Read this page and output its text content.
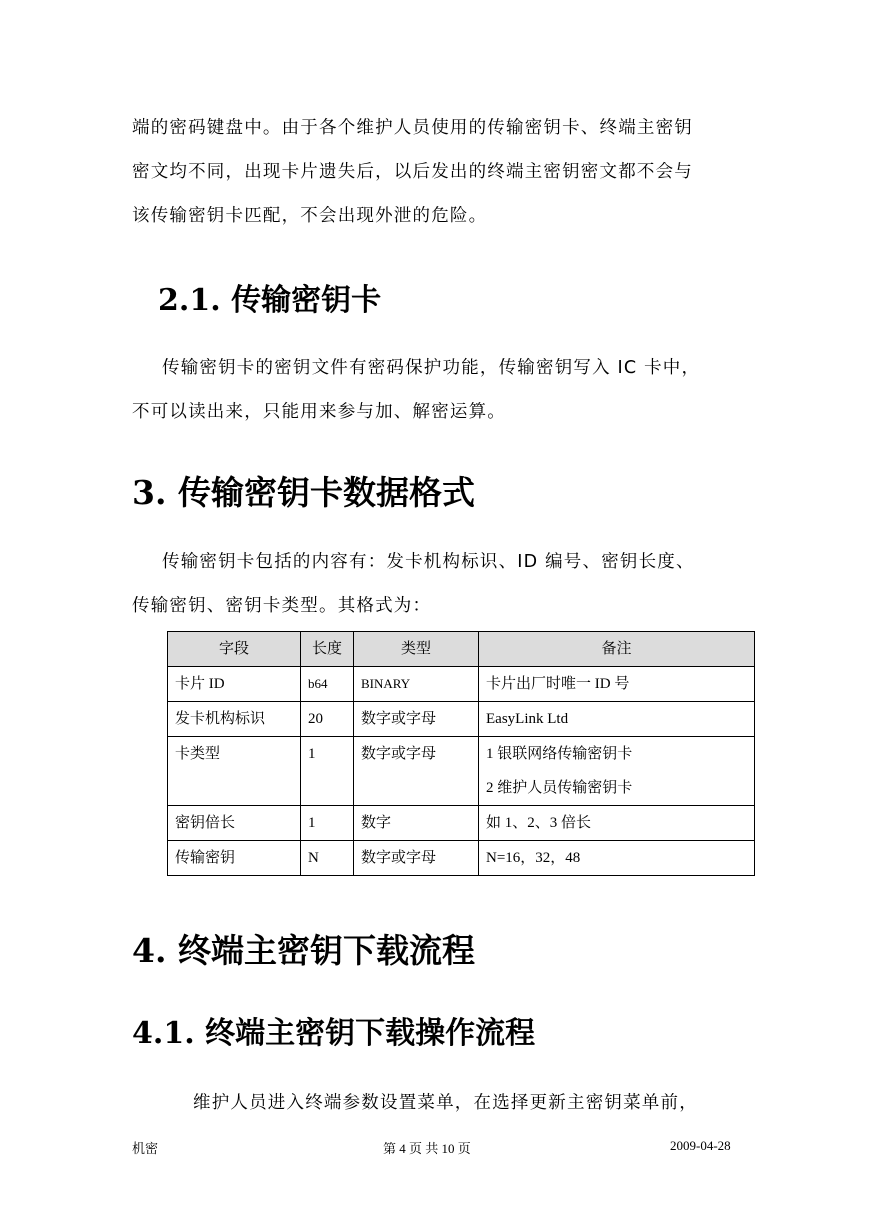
端的密码键盘中。由于各个维护人员使用的传输密钥卡、终端主密钥

密文均不同，出现卡片遗失后，以后发出的终端主密钥密文都不会与

该传输密钥卡匹配，不会出现外泄的危险。

2.1. 传输密钥卡

传输密钥卡的密钥文件有密码保护功能，传输密钥写入 IC 卡中，

不可以读出来，只能用来参与加、解密运算。

3. 传输密钥卡数据格式

传输密钥卡包括的内容有：发卡机构标识、ID 编号、密钥长度、

传输密钥、密钥卡类型。其格式为：

字段	长度	类型	备注
卡片 ID	b64	BINARY	卡片出厂时唯一 ID 号
发卡机构标识	20	数字或字母	EasyLink Ltd
卡类型	1	数字或字母	1 银联网络传输密钥卡
2 维护人员传输密钥卡

密钥倍长	1	数字	如 1、2、3 倍长
传输密钥	N	数字或字母	N=16，32，48
4. 终端主密钥下载流程
4.1. 终端主密钥下载操作流程

维护人员进入终端参数设置菜单，在选择更新主密钥菜单前，

机密	第 4 页 共 10 页	2009-04-28
